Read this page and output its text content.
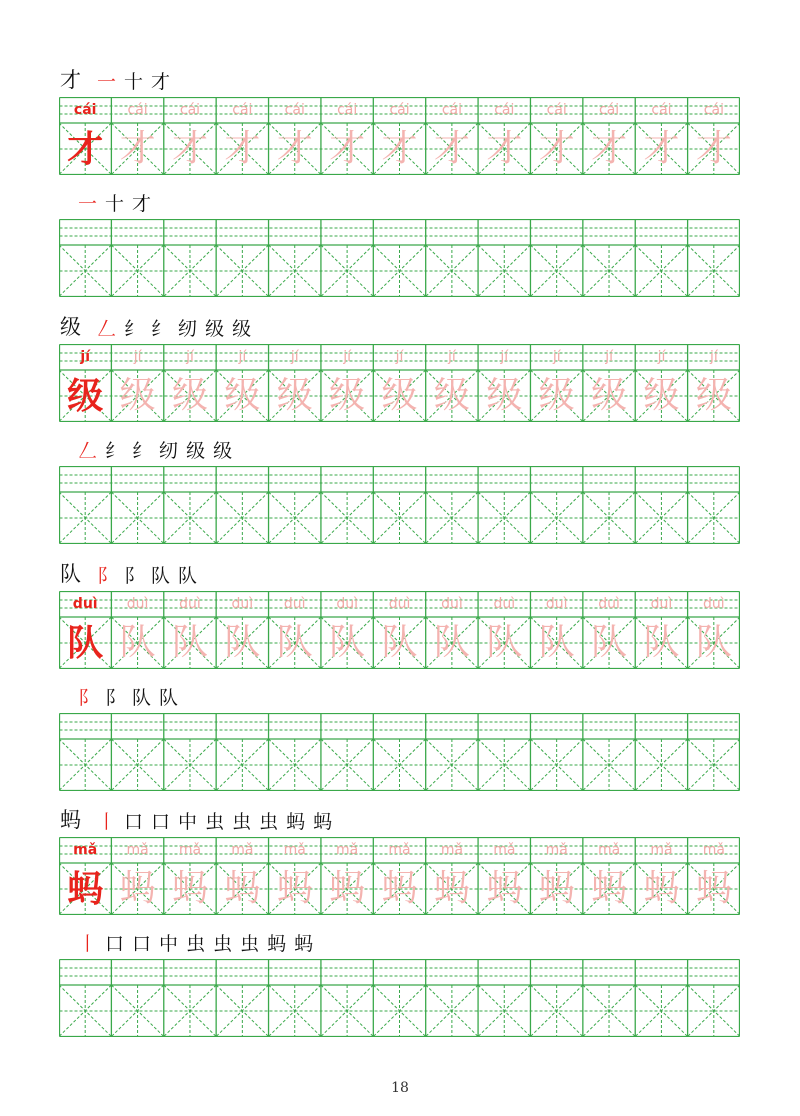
才 一 十 才
cái	cái	cái	cái	cái	cái	cái	cái	cái	cái	cái	cái	cái
才 才 才 才 才 才 才 才 才 才 才 才 才
一 十 才
级 𠃋 纟 纟 纫 级 级
jí	jí	jí	jí	jí	jí	jí	jí	jí	jí	jí	jí	jí
级 级 级 级 级 级 级 级 级 级 级 级 级
𠃋 纟 纟 纫 级 级
队 阝 阝 队 队
duì	duì	duì	duì	duì	duì	duì	duì	duì	duì	duì	duì	duì
队 队 队 队 队 队 队 队 队 队 队 队 队
阝 阝 队 队
蚂 丨 口 口 中 虫 虫 虫 蚂 蚂
mǎ	mǎ	mǎ	mǎ	mǎ	mǎ	mǎ	mǎ	mǎ	mǎ	mǎ	mǎ	mǎ
蚂 蚂 蚂 蚂 蚂 蚂 蚂 蚂 蚂 蚂 蚂 蚂 蚂
丨 口 口 中 虫 虫 虫 蚂 蚂
18
